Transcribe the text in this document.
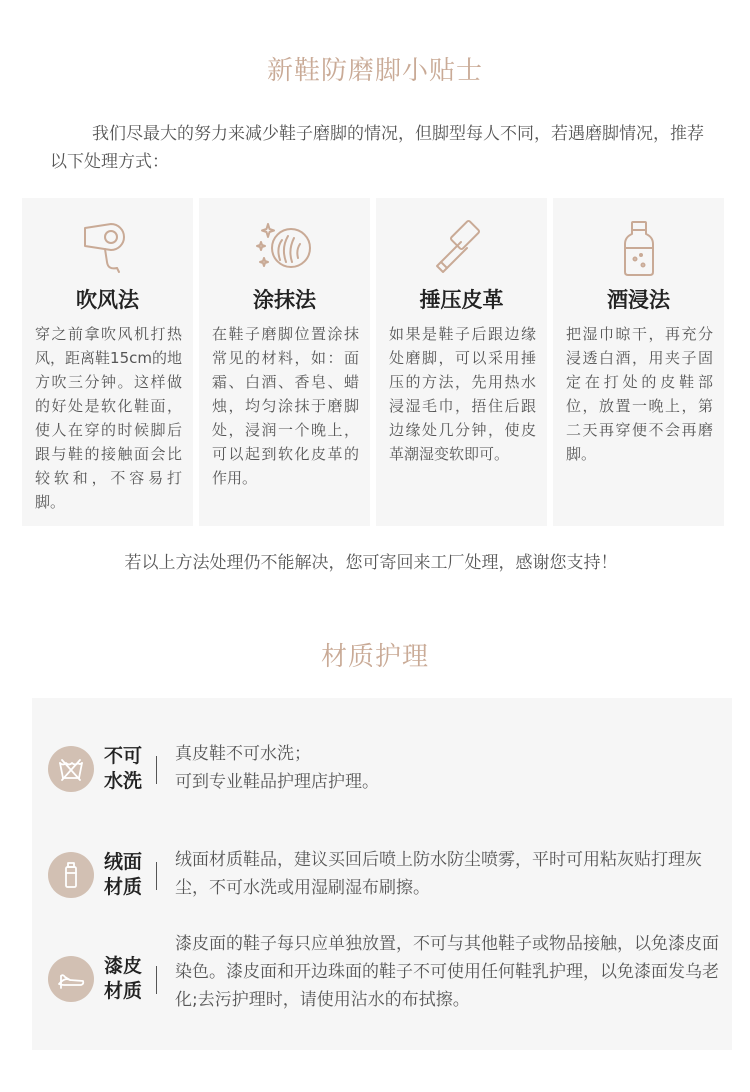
新鞋防磨脚小贴士
我们尽最大的努力来减少鞋子磨脚的情况，但脚型每人不同，若遇磨脚情况，推荐以下处理方式：
吹风法
穿之前拿吹风机打热风，距离鞋15cm的地方吹三分钟。这样做的好处是软化鞋面，使人在穿的时候脚后跟与鞋的接触面会比较软和，不容易打脚。
涂抹法
在鞋子磨脚位置涂抹常见的材料，如：面霜、白酒、香皂、蜡烛，均匀涂抹于磨脚处，浸润一个晚上，可以起到软化皮革的作用。
捶压皮革
如果是鞋子后跟边缘处磨脚，可以采用捶压的方法，先用热水浸湿毛巾，捂住后跟边缘处几分钟，使皮革潮湿变软即可。
酒浸法
把湿巾晾干，再充分浸透白酒，用夹子固定在打处的皮鞋部位，放置一晚上，第二天再穿便不会再磨脚。
若以上方法处理仍不能解决，您可寄回来工厂处理，感谢您支持！
材质护理
不可水洗
真皮鞋不可水洗；
可到专业鞋品护理店护理。
绒面材质
绒面材质鞋品，建议买回后喷上防水防尘喷雾，平时可用粘灰贴打理灰尘，不可水洗或用湿刷湿布刷擦。
漆皮材质
漆皮面的鞋子每只应单独放置，不可与其他鞋子或物品接触，以免漆皮面染色。漆皮面和开边珠面的鞋子不可使用任何鞋乳护理，以免漆面发乌老化;去污护理时，请使用沾水的布拭擦。
